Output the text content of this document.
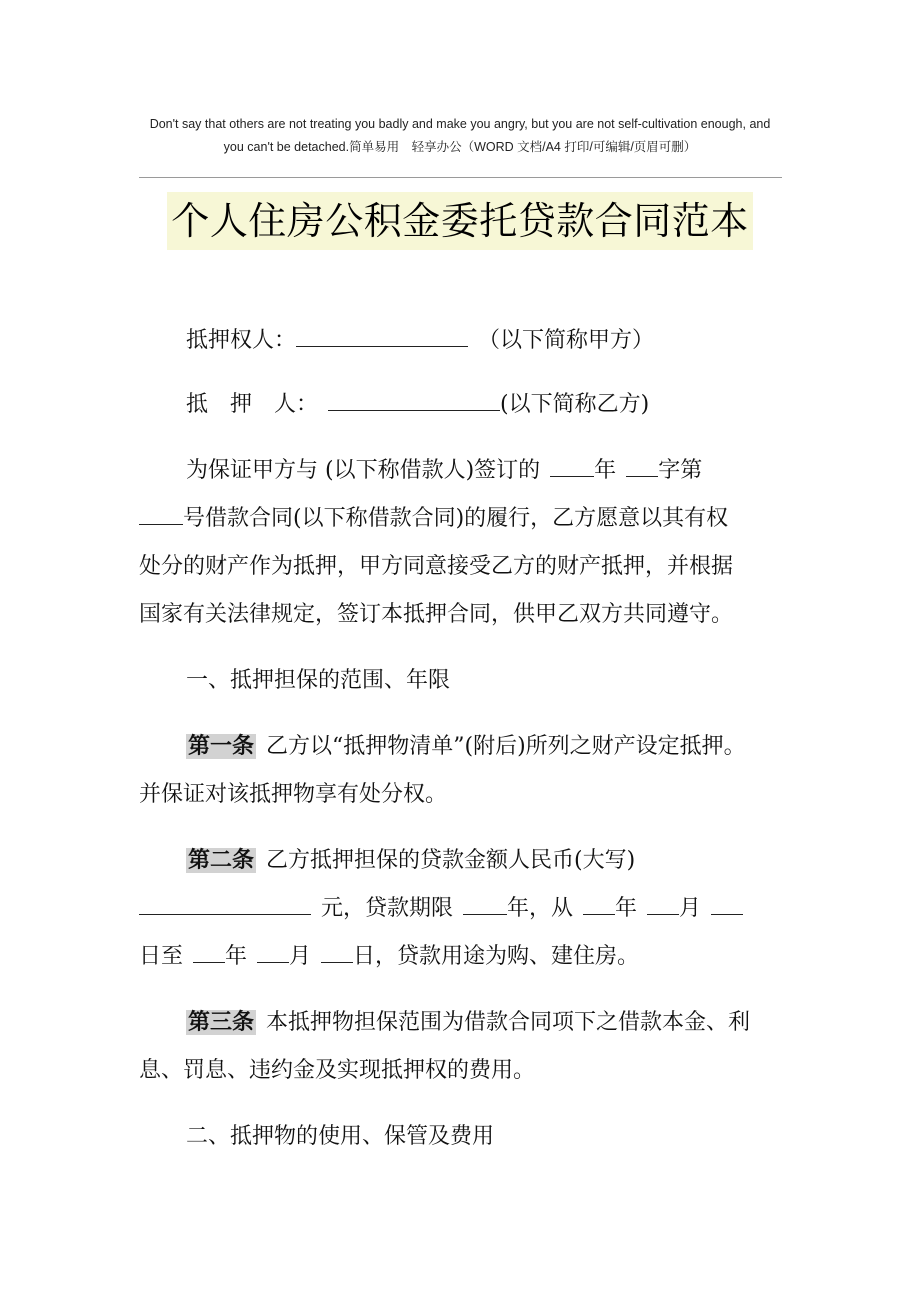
Don't say that others are not treating you badly and make you angry, but you are not self-cultivation enough, and
you can't be detached.简单易用　轻享办公（WORD 文档/A4 打印/可编辑/页眉可删）
个人住房公积金委托贷款合同范本
抵押权人：	（以下简称甲方）
抵　押　人：	(以下简称乙方)
为保证甲方与 (以下称借款人)签订的 年 字第
号借款合同(以下称借款合同)的履行，乙方愿意以其有权
处分的财产作为抵押，甲方同意接受乙方的财产抵押，并根据
国家有关法律规定，签订本抵押合同，供甲乙双方共同遵守。
一、抵押担保的范围、年限
第一条 乙方以“抵押物清单”(附后)所列之财产设定抵押。
并保证对该抵押物享有处分权。
第二条 乙方抵押担保的贷款金额人民币(大写)
元，贷款期限 年，从 年 月
日至 年 月 日，贷款用途为购、建住房。
第三条 本抵押物担保范围为借款合同项下之借款本金、利
息、罚息、违约金及实现抵押权的费用。
二、抵押物的使用、保管及费用
